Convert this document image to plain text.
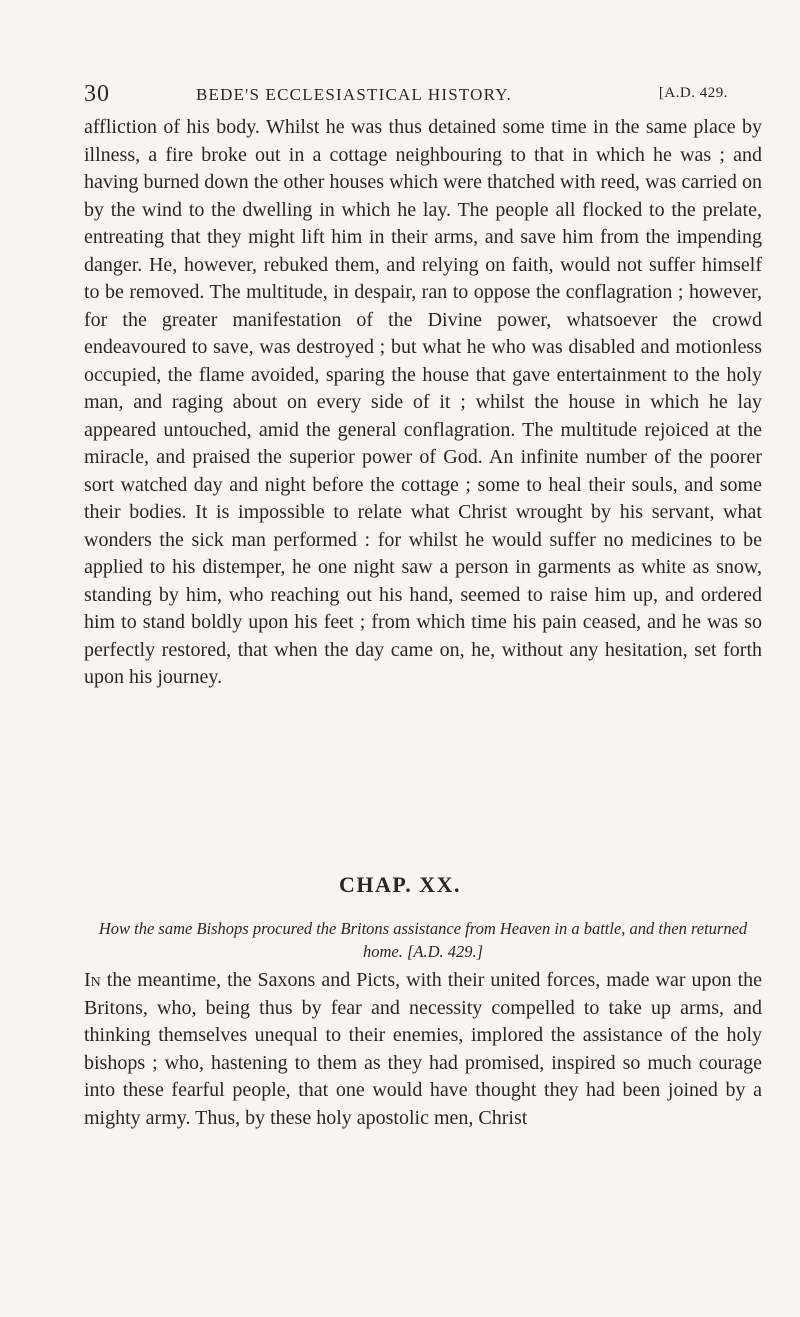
30	BEDE'S ECCLESIASTICAL HISTORY.	[A.D. 429.

affliction of his body. Whilst he was thus detained some time in the same place by illness, a fire broke out in a cottage neighbouring to that in which he was ; and having burned down the other houses which were thatched with reed, was carried on by the wind to the dwelling in which he lay. The people all flocked to the prelate, entreating that they might lift him in their arms, and save him from the impending danger. He, however, rebuked them, and relying on faith, would not suffer himself to be removed. The multitude, in despair, ran to oppose the conflagration ; however, for the greater manifestation of the Divine power, whatsoever the crowd endeavoured to save, was destroyed ; but what he who was disabled and motionless occupied, the flame avoided, sparing the house that gave entertainment to the holy man, and raging about on every side of it ; whilst the house in which he lay appeared untouched, amid the general conflagration. The multitude rejoiced at the miracle, and praised the superior power of God. An infinite number of the poorer sort watched day and night before the cottage ; some to heal their souls, and some their bodies. It is impossible to relate what Christ wrought by his servant, what wonders the sick man performed : for whilst he would suffer no medicines to be applied to his distemper, he one night saw a person in garments as white as snow, standing by him, who reaching out his hand, seemed to raise him up, and ordered him to stand boldly upon his feet ; from which time his pain ceased, and he was so perfectly restored, that when the day came on, he, without any hesitation, set forth upon his journey.

CHAP. XX.

How the same Bishops procured the Britons assistance from Heaven in a battle, and then returned home. [A.D. 429.]

In the meantime, the Saxons and Picts, with their united forces, made war upon the Britons, who, being thus by fear and necessity compelled to take up arms, and thinking themselves unequal to their enemies, implored the assistance of the holy bishops ; who, hastening to them as they had promised, inspired so much courage into these fearful people, that one would have thought they had been joined by a mighty army. Thus, by these holy apostolic men, Christ
